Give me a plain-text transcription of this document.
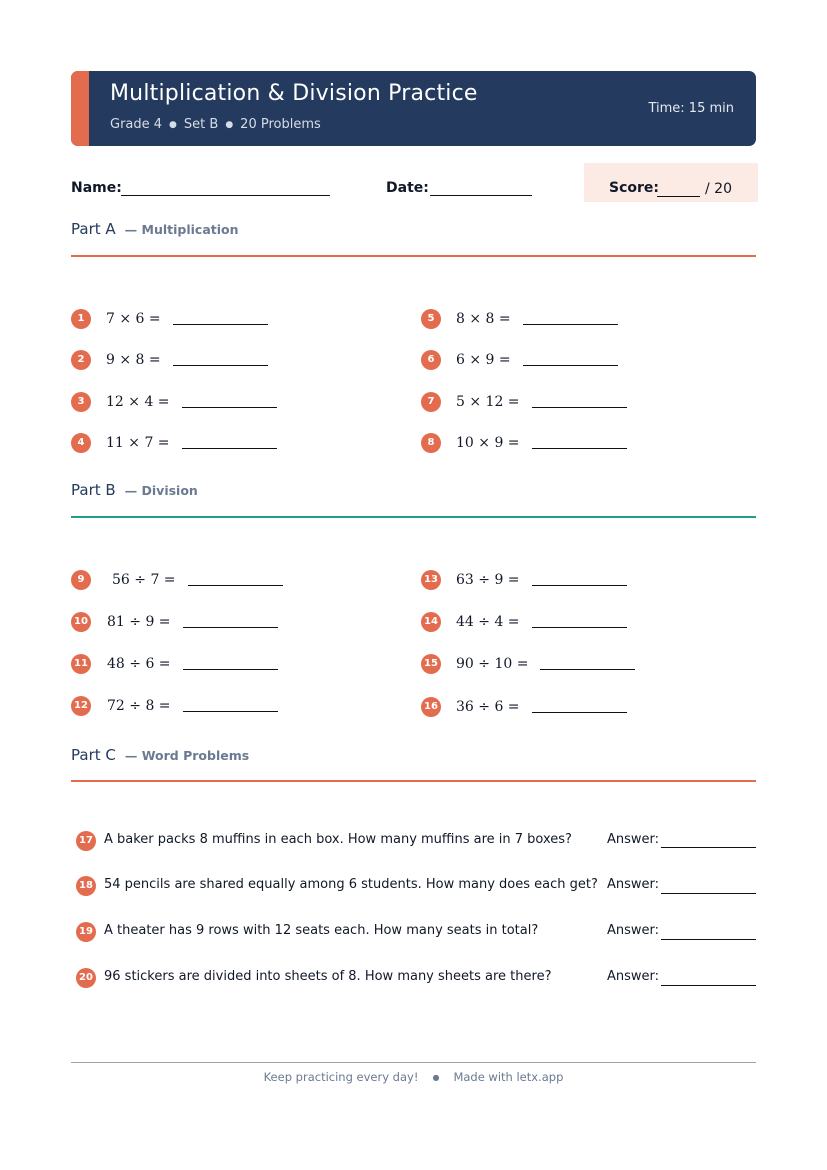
Multiplication & Division Practice
Grade 4 ● Set B ● 20 Problems
Time: 15 min
Name:	Date:	Score:	/ 20
Part A — Multiplication
1	7 × 6 =
2	9 × 8 =
3	12 × 4 =
4	11 × 7 =
5	8 × 8 =
6	6 × 9 =
7	5 × 12 =
8	10 × 9 =
Part B — Division
9	56 ÷ 7 =
10 81 ÷ 9 =
11 48 ÷ 6 =
12 72 ÷ 8 =
13 63 ÷ 9 =
14 44 ÷ 4 =
15 90 ÷ 10 =
16 36 ÷ 6 =
Part C — Word Problems
17 A baker packs 8 muffins in each box. How many muffins are in 7 boxes?	Answer:
18 54 pencils are shared equally among 6 students. How many does each get? Answer:
19 A theater has 9 rows with 12 seats each. How many seats in total?	Answer:
20 96 stickers are divided into sheets of 8. How many sheets are there?	Answer:
Keep practicing every day! ● Made with letx.app
